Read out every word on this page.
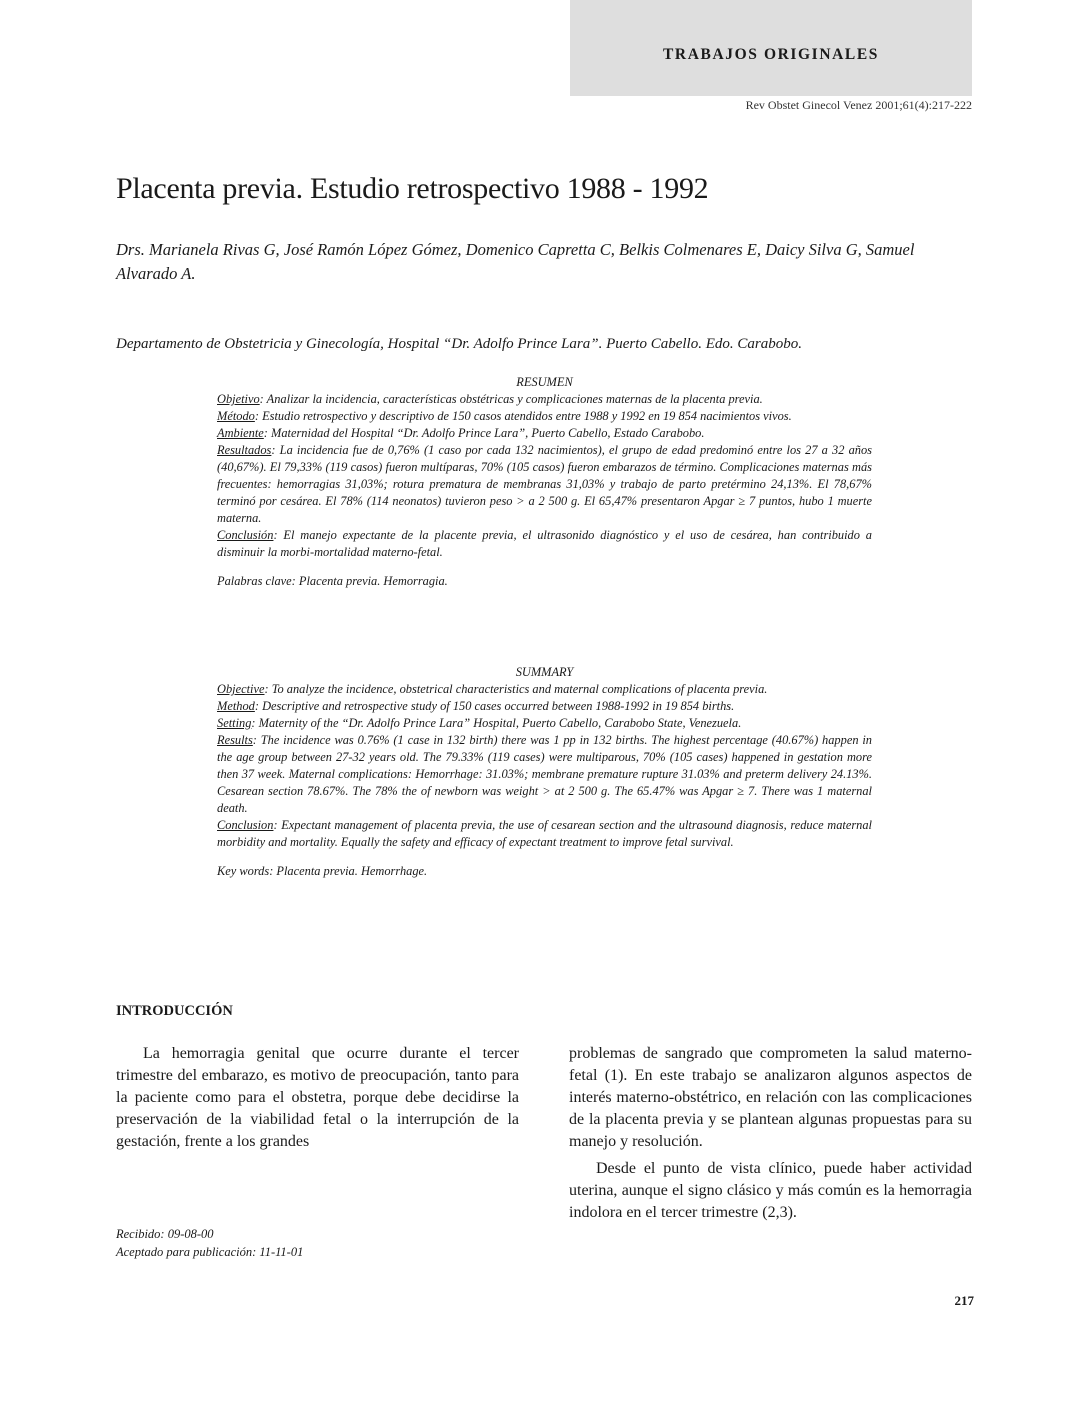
TRABAJOS ORIGINALES
Rev Obstet Ginecol Venez 2001;61(4):217-222
Placenta previa. Estudio retrospectivo 1988 - 1992
Drs. Marianela Rivas G, José Ramón López Gómez, Domenico Capretta C, Belkis Colmenares E, Daicy Silva G, Samuel Alvarado A.
Departamento de Obstetricia y Ginecología, Hospital “Dr. Adolfo Prince Lara”. Puerto Cabello. Edo. Carabobo.

RESUMEN

Objetivo: Analizar la incidencia, características obstétricas y complicaciones maternas de la placenta previa.

Método: Estudio retrospectivo y descriptivo de 150 casos atendidos entre 1988 y 1992 en 19 854 nacimientos vivos.

Ambiente: Maternidad del Hospital “Dr. Adolfo Prince Lara”, Puerto Cabello, Estado Carabobo.

Resultados: La incidencia fue de 0,76% (1 caso por cada 132 nacimientos), el grupo de edad predominó entre los 27 a 32 años (40,67%). El 79,33% (119 casos) fueron multíparas, 70% (105 casos) fueron embarazos de término. Complicaciones maternas más frecuentes: hemorragias 31,03%; rotura prematura de membranas 31,03% y trabajo de parto pretérmino 24,13%. El 78,67% terminó por cesárea. El 78% (114 neonatos) tuvieron peso > a 2 500 g. El 65,47% presentaron Apgar ≥ 7 puntos, hubo 1 muerte materna.

Conclusión: El manejo expectante de la placente previa, el ultrasonido diagnóstico y el uso de cesárea, han contribuido a disminuir la morbi-mortalidad materno-fetal.

Palabras clave: Placenta previa. Hemorragia.

SUMMARY

Objective: To analyze the incidence, obstetrical characteristics and maternal complications of placenta previa.

Method: Descriptive and retrospective study of 150 cases occurred between 1988-1992 in 19 854 births.

Setting: Maternity of the “Dr. Adolfo Prince Lara” Hospital, Puerto Cabello, Carabobo State, Venezuela.

Results: The incidence was 0.76% (1 case in 132 birth) there was 1 pp in 132 births. The highest percentage (40.67%) happen in the age group between 27-32 years old. The 79.33% (119 cases) were multiparous, 70% (105 cases) happened in gestation more then 37 week. Maternal complications: Hemorrhage: 31.03%; membrane premature rupture 31.03% and preterm delivery 24.13%. Cesarean section 78.67%. The 78% the of newborn was weight > at 2 500 g. The 65.47% was Apgar ≥ 7. There was 1 maternal death.

Conclusion: Expectant management of placenta previa, the use of cesarean section and the ultrasound diagnosis, reduce maternal morbidity and mortality. Equally the safety and efficacy of expectant treatment to improve fetal survival.

Key words: Placenta previa. Hemorrhage.

INTRODUCCIÓN

La hemorragia genital que ocurre durante el tercer trimestre del embarazo, es motivo de preocupación, tanto para la paciente como para el obstetra, porque debe decidirse la preservación de la viabilidad fetal o la interrupción de la gestación, frente a los grandes

problemas de sangrado que comprometen la salud materno-fetal (1). En este trabajo se analizaron algunos aspectos de interés materno-obstétrico, en relación con las complicaciones de la placenta previa y se plantean algunas propuestas para su manejo y resolución.

Desde el punto de vista clínico, puede haber actividad uterina, aunque el signo clásico y más común es la hemorragia indolora en el tercer trimestre (2,3).

Recibido: 09-08-00
Aceptado para publicación: 11-11-01
217
